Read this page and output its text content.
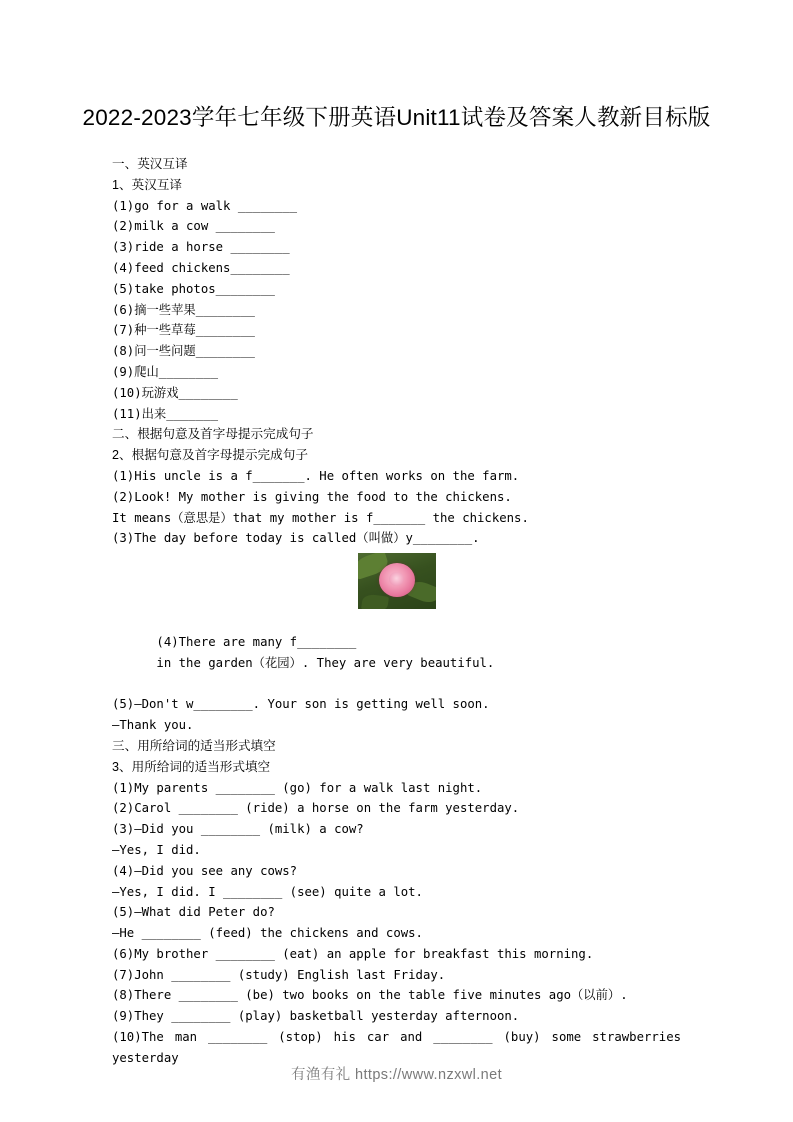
2022-2023学年七年级下册英语Unit11试卷及答案人教新目标版
一、英汉互译
1、英汉互译
(1)go for a walk ________
(2)milk a cow ________
(3)ride a horse ________
(4)feed chickens________
(5)take photos________
(6)摘一些苹果________
(7)种一些草莓________
(8)问一些问题________
(9)爬山________
(10)玩游戏________
(11)出来_______
二、根据句意及首字母提示完成句子
2、根据句意及首字母提示完成句子
(1)His uncle is a f_______. He often works on the farm.
(2)Look! My mother is giving the food to the chickens.
It means（意思是）that my mother is f_______ the chickens.
(3)The day before today is called（叫做）y________.

(4)There are many f________
in the garden（花园）. They are very beautiful.

(5)—Don't w________. Your son is getting well soon.
—Thank you.
三、用所给词的适当形式填空
3、用所给词的适当形式填空
(1)My parents ________ (go) for a walk last night.
(2)Carol ________ (ride) a horse on the farm yesterday.
(3)—Did you ________ (milk) a cow?
—Yes, I did.
(4)—Did you see any cows?
—Yes, I did. I ________ (see) quite a lot.
(5)—What did Peter do?
—He ________ (feed) the chickens and cows.
(6)My brother ________ (eat) an apple for breakfast this morning.
(7)John ________ (study) English last Friday.
(8)There ________ (be) two books on the table five minutes ago（以前）.
(9)They ________ (play) basketball yesterday afternoon.
(10)The man ________ (stop) his car and ________ (buy) some strawberries yesterday
有渔有礼 https://www.nzxwl.net
